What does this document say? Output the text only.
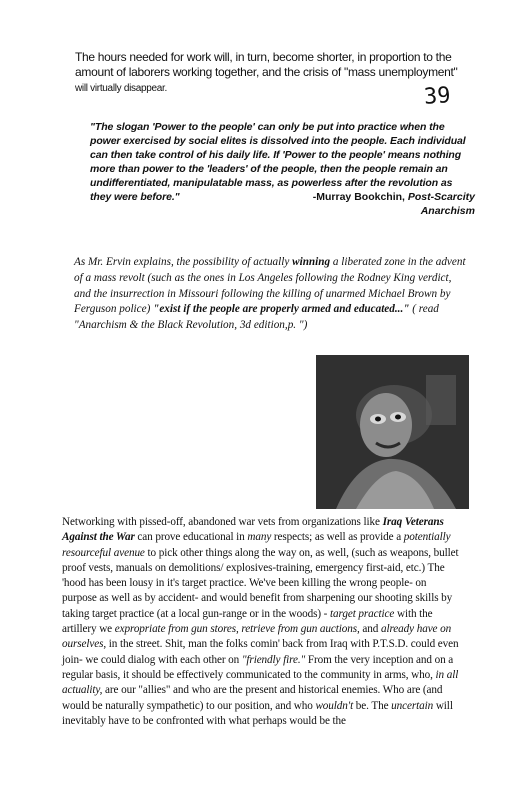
The hours needed for work will, in turn, become shorter, in proportion to the
amount of laborers working together, and the crisis of "mass unemployment"
will virtually disappear.	39

"The slogan 'Power to the people' can only be put into practice when the power exercised by social elites is dissolved into the people. Each individual can then take control of his daily life. If 'Power to the people' means nothing more than power to the 'leaders' of the people, then the people remain an undifferentiated, manipulatable mass, as powerless after the revolution as they were before."	-Murray Bookchin, Post-Scarcity Anarchism

As Mr. Ervin explains, the possibility of actually winning a liberated zone in the advent of a mass revolt (such as the ones in Los Angeles following the Rodney King verdict, and the insurrection in Missouri following the killing of unarmed Michael Brown by Ferguson police) "exist if the people are properly armed and educated..." ( read "Anarchism & the Black Revolution, 3d edition,p. ")

Networking with pissed-off, abandoned war vets from organizations like Iraq Veterans Against the War can prove educational in many respects; as well as provide a potentially resourceful avenue to pick other things along the way on, as well, (such as weapons, bullet proof vests, manuals on demolitions/ explosives-training, emergency first-aid, etc.) The 'hood has been lousy in it's target practice. We've been killing the wrong people- on purpose as well as by accident- and would benefit from sharpening our shooting skills by taking target practice (at a local gun-range or in the woods) - target practice with the artillery we expropriate from gun stores, retrieve from gun auctions, and already have on ourselves, in the street. Shit, man the folks comin' back from Iraq with P.T.S.D. could even join- we could dialog with each other on "friendly fire." From the very inception and on a regular basis, it should be effectively communicated to the community in arms, who, in all actuality, are our "allies" and who are the present and historical enemies. Who are (and would be naturally sympathetic) to our position, and who wouldn't be. The uncertain will inevitably have to be confronted with what perhaps would be the
